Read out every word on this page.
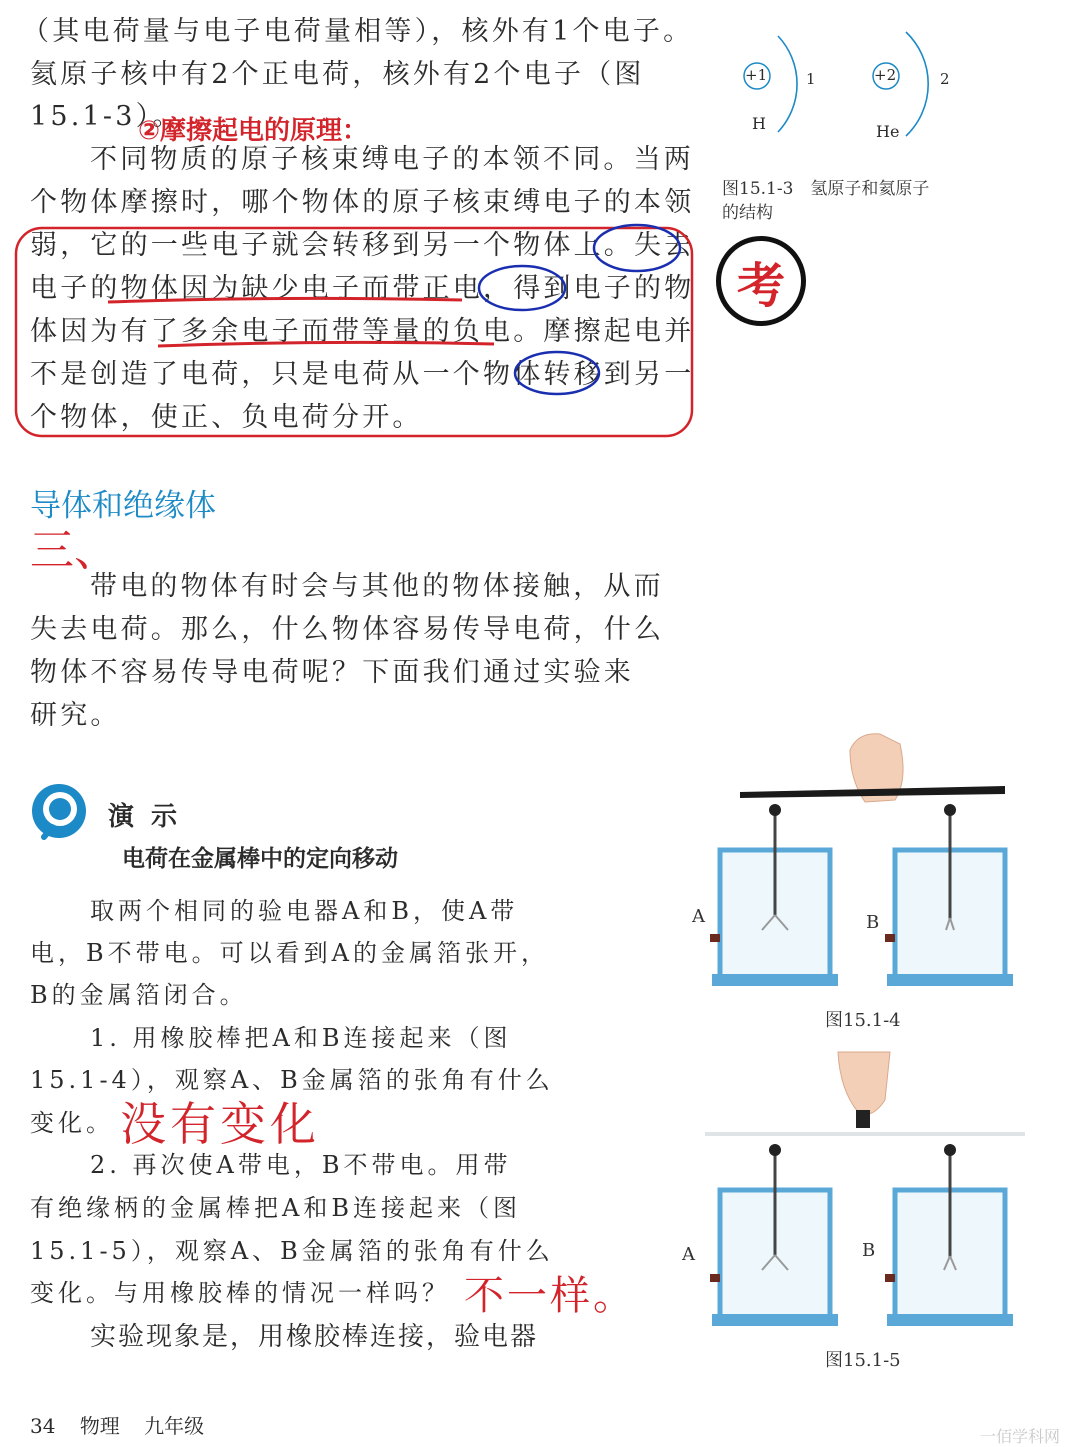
（其电荷量与电子电荷量相等），核外有1个电子。
氦原子核中有2个正电荷，核外有2个电子（图
15.1-3）。
②摩擦起电的原理：
不同物质的原子核束缚电子的本领不同。当两
个物体摩擦时，哪个物体的原子核束缚电子的本领
弱，它的一些电子就会转移到另一个物体上。失去
电子的物体因为缺少电子而带正电，得到电子的物
体因为有了多余电子而带等量的负电。摩擦起电并
不是创造了电荷，只是电荷从一个物体转移到另一
个物体，使正、负电荷分开。
+1	1
H
+2	2
He
图15.1-3　氢原子和氦原子
的结构
考
导体和绝缘体
三、
带电的物体有时会与其他的物体接触，从而
失去电荷。那么，什么物体容易传导电荷，什么
物体不容易传导电荷呢？下面我们通过实验来
研究。
演 示
电荷在金属棒中的定向移动
取两个相同的验电器A和B，使A带
电，B不带电。可以看到A的金属箔张开，
B的金属箔闭合。
1. 用橡胶棒把A和B连接起来（图
15.1-4），观察A、B金属箔的张角有什么
变化。
2. 再次使A带电，B不带电。用带
有绝缘柄的金属棒把A和B连接起来（图
15.1-5），观察A、B金属箔的张角有什么
变化。与用橡胶棒的情况一样吗？
实验现象是，用橡胶棒连接，验电器
没有变化
不一样。
A	B
图15.1-4
A	B
图15.1-5
34 物理 九年级	一佰学科网
